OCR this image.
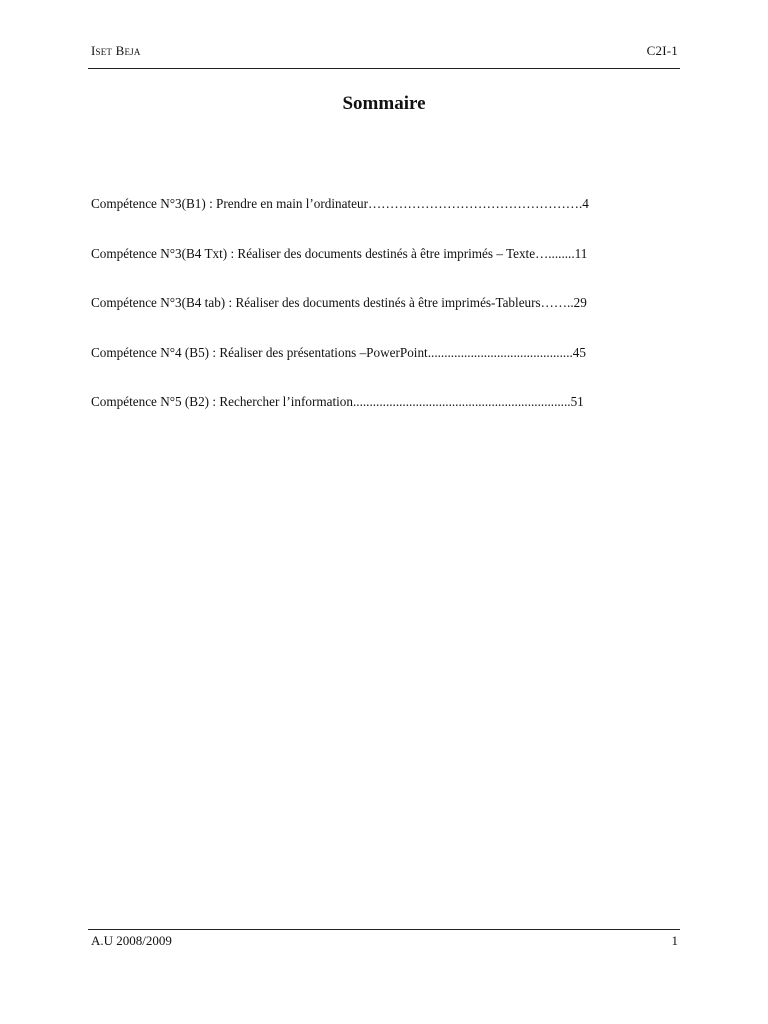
Iset Beja	C2I-1
Sommaire
Compétence N°3(B1) : Prendre en main l’ordinateur………………………………………….4
Compétence N°3(B4 Txt) : Réaliser des documents destinés à être imprimés – Texte…........11
Compétence N°3(B4 tab) : Réaliser des documents destinés à être imprimés-Tableurs……..29
Compétence N°4 (B5) : Réaliser des présentations –PowerPoint............................................45
Compétence N°5 (B2) : Rechercher l’information..................................................................51
A.U 2008/2009	1
